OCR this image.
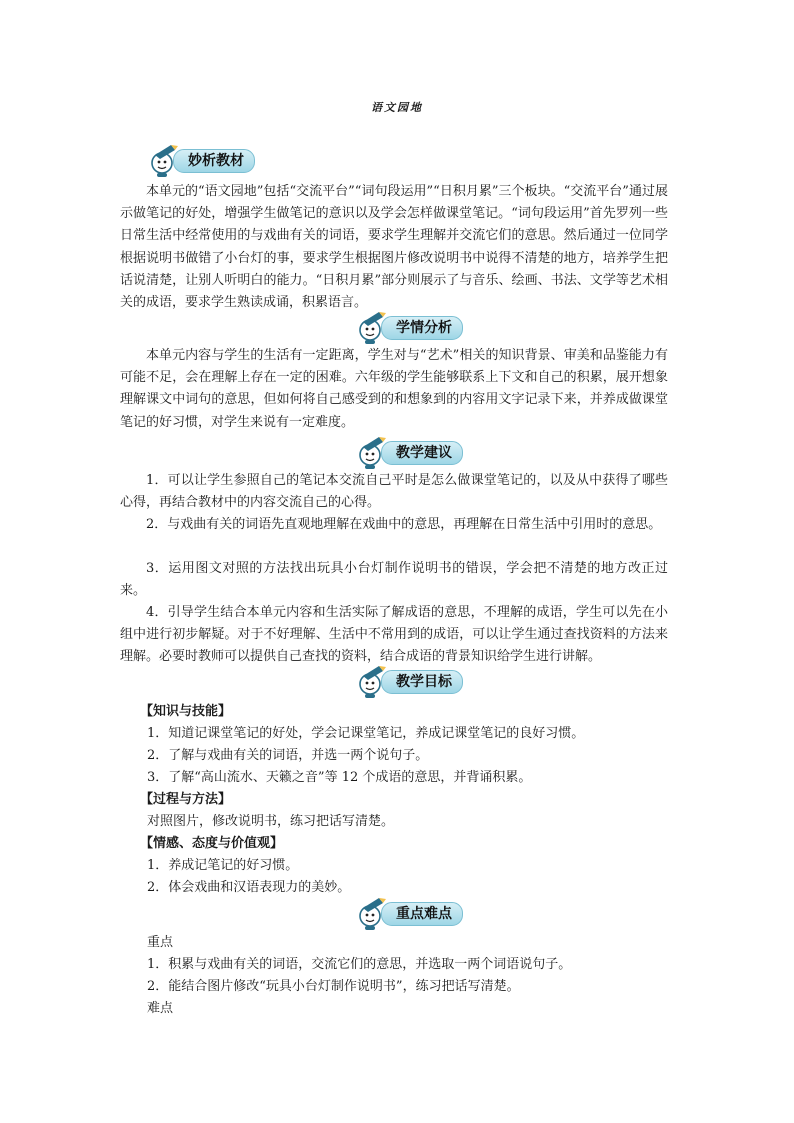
语文园地
妙析教材

本单元的“语文园地”包括“交流平台”“词句段运用”“日积月累”三个板块。“交流平台”通过展示做笔记的好处，增强学生做笔记的意识以及学会怎样做课堂笔记。“词句段运用”首先罗列一些日常生活中经常使用的与戏曲有关的词语，要求学生理解并交流它们的意思。然后通过一位同学根据说明书做错了小台灯的事，要求学生根据图片修改说明书中说得不清楚的地方，培养学生把话说清楚，让别人听明白的能力。“日积月累”部分则展示了与音乐、绘画、书法、文学等艺术相关的成语，要求学生熟读成诵，积累语言。

学情分析

本单元内容与学生的生活有一定距离，学生对与“艺术”相关的知识背景、审美和品鉴能力有可能不足，会在理解上存在一定的困难。六年级的学生能够联系上下文和自己的积累，展开想象理解课文中词句的意思，但如何将自己感受到的和想象到的内容用文字记录下来，并养成做课堂笔记的好习惯，对学生来说有一定难度。

教学建议

1．可以让学生参照自己的笔记本交流自己平时是怎么做课堂笔记的，以及从中获得了哪些心得，再结合教材中的内容交流自己的心得。

2．与戏曲有关的词语先直观地理解在戏曲中的意思，再理解在日常生活中引用时的意思。

3．运用图文对照的方法找出玩具小台灯制作说明书的错误，学会把不清楚的地方改正过来。

4．引导学生结合本单元内容和生活实际了解成语的意思，不理解的成语，学生可以先在小组中进行初步解疑。对于不好理解、生活中不常用到的成语，可以让学生通过查找资料的方法来理解。必要时教师可以提供自己查找的资料，结合成语的背景知识给学生进行讲解。

教学目标

【知识与技能】

1．知道记课堂笔记的好处，学会记课堂笔记，养成记课堂笔记的良好习惯。

2．了解与戏曲有关的词语，并选一两个说句子。

3．了解“高山流水、天籁之音”等 12 个成语的意思，并背诵积累。

【过程与方法】

对照图片，修改说明书，练习把话写清楚。

【情感、态度与价值观】

1．养成记笔记的好习惯。

2．体会戏曲和汉语表现力的美妙。

重点难点

重点

1．积累与戏曲有关的词语，交流它们的意思，并选取一两个词语说句子。

2．能结合图片修改“玩具小台灯制作说明书”，练习把话写清楚。

难点
